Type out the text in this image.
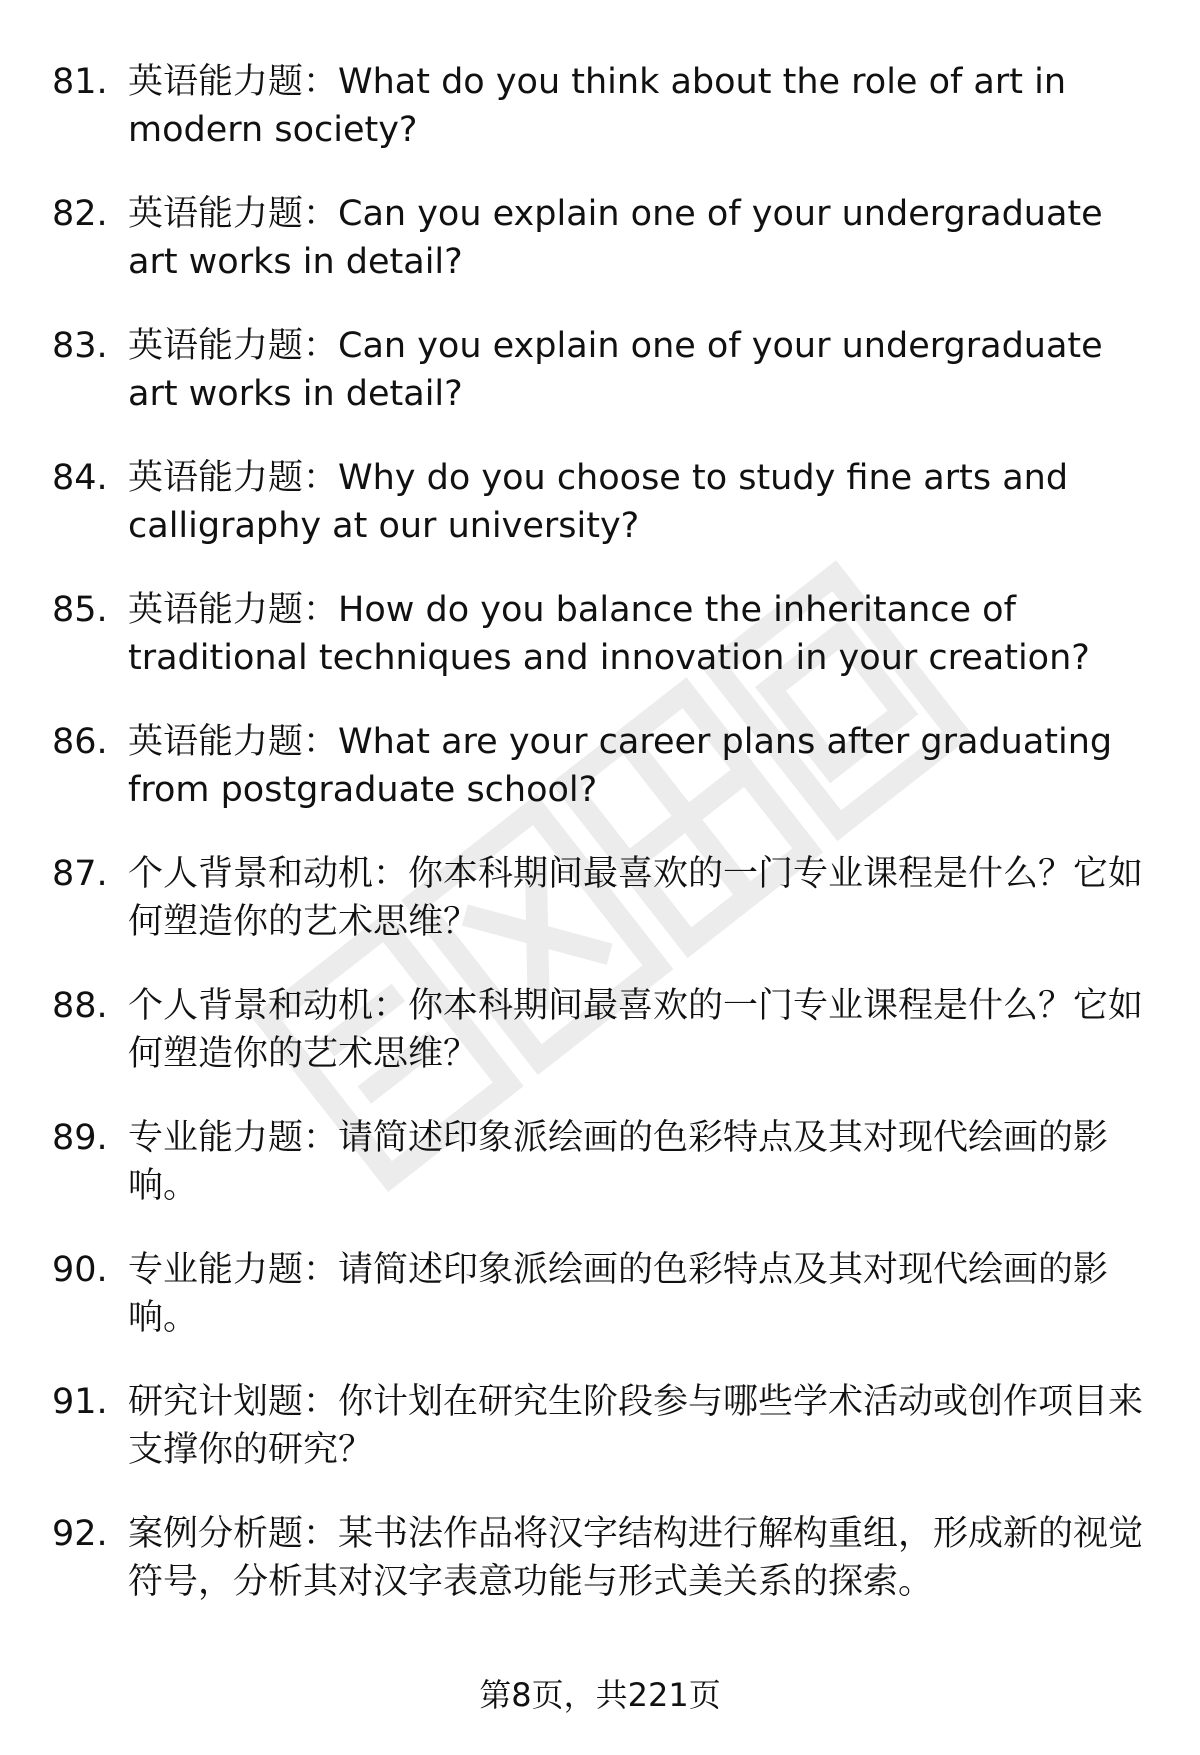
81. 英语能力题：What do you think about the role of art in modern society?
82. 英语能力题：Can you explain one of your undergraduate art works in detail?
83. 英语能力题：Can you explain one of your undergraduate art works in detail?
84. 英语能力题：Why do you choose to study fine arts and calligraphy at our university?
85. 英语能力题：How do you balance the inheritance of traditional techniques and innovation in your creation?
86. 英语能力题：What are your career plans after graduating from postgraduate school?
87. 个人背景和动机：你本科期间最喜欢的一门专业课程是什么？它如何塑造你的艺术思维？
88. 个人背景和动机：你本科期间最喜欢的一门专业课程是什么？它如何塑造你的艺术思维？
89. 专业能力题：请简述印象派绘画的色彩特点及其对现代绘画的影响。
90. 专业能力题：请简述印象派绘画的色彩特点及其对现代绘画的影响。
91. 研究计划题：你计划在研究生阶段参与哪些学术活动或创作项目来支撑你的研究？
92. 案例分析题：某书法作品将汉字结构进行解构重组，形成新的视觉符号，分析其对汉字表意功能与形式美关系的探索。
第8页，共221页
